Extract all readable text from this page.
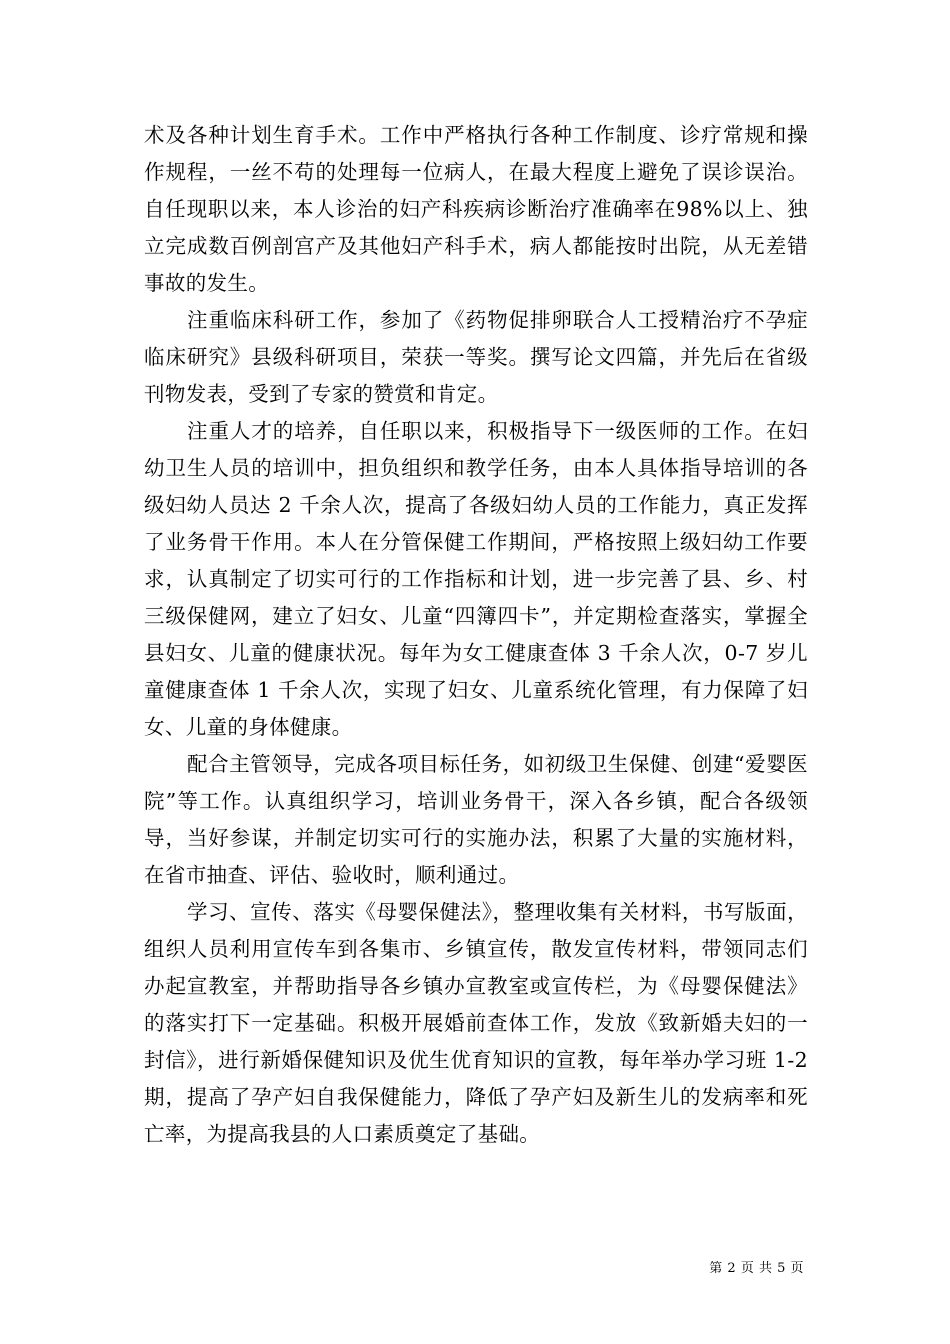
术及各种计划生育手术。工作中严格执行各种工作制度、诊疗常规和操作规程，一丝不苟的处理每一位病人，在最大程度上避免了误诊误治。自任现职以来，本人诊治的妇产科疾病诊断治疗准确率在98%以上、独立完成数百例剖宫产及其他妇产科手术，病人都能按时出院，从无差错事故的发生。

注重临床科研工作，参加了《药物促排卵联合人工授精治疗不孕症临床研究》县级科研项目，荣获一等奖。撰写论文四篇，并先后在省级刊物发表，受到了专家的赞赏和肯定。

注重人才的培养，自任职以来，积极指导下一级医师的工作。在妇幼卫生人员的培训中，担负组织和教学任务，由本人具体指导培训的各级妇幼人员达 2 千余人次，提高了各级妇幼人员的工作能力，真正发挥了业务骨干作用。本人在分管保健工作期间，严格按照上级妇幼工作要求，认真制定了切实可行的工作指标和计划，进一步完善了县、乡、村三级保健网，建立了妇女、儿童“四簿四卡”，并定期检查落实，掌握全县妇女、儿童的健康状况。每年为女工健康查体 3 千余人次，0-7 岁儿童健康查体 1 千余人次，实现了妇女、儿童系统化管理，有力保障了妇女、儿童的身体健康。

配合主管领导，完成各项目标任务，如初级卫生保健、创建“爱婴医院”等工作。认真组织学习，培训业务骨干，深入各乡镇，配合各级领导，当好参谋，并制定切实可行的实施办法，积累了大量的实施材料，在省市抽查、评估、验收时，顺利通过。

学习、宣传、落实《母婴保健法》，整理收集有关材料，书写版面，组织人员利用宣传车到各集市、乡镇宣传，散发宣传材料，带领同志们办起宣教室，并帮助指导各乡镇办宣教室或宣传栏，为《母婴保健法》的落实打下一定基础。积极开展婚前查体工作，发放《致新婚夫妇的一封信》，进行新婚保健知识及优生优育知识的宣教，每年举办学习班 1-2 期，提高了孕产妇自我保健能力，降低了孕产妇及新生儿的发病率和死亡率，为提高我县的人口素质奠定了基础。

第 2 页 共 5 页
